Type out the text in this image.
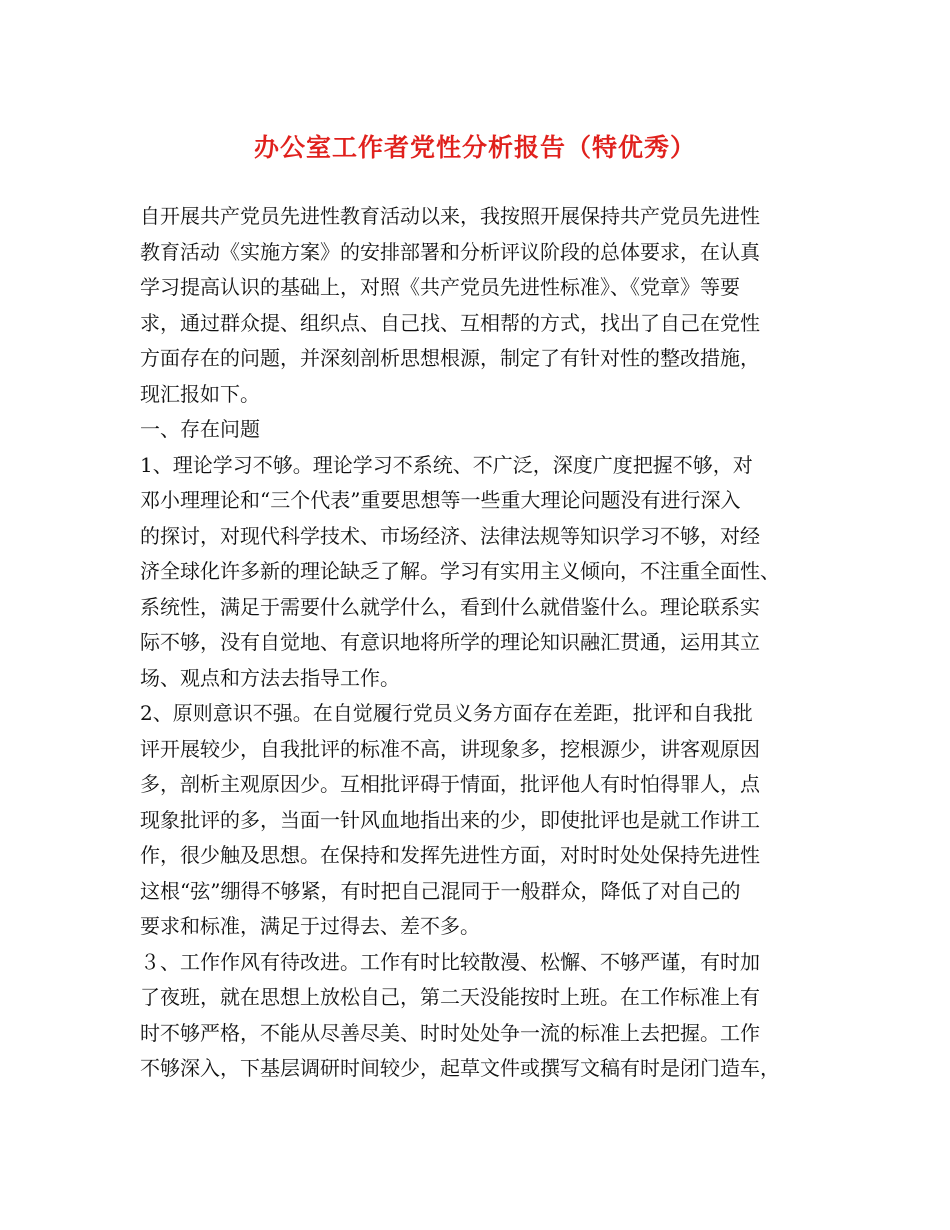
办公室工作者党性分析报告（特优秀）
自开展共产党员先进性教育活动以来，我按照开展保持共产党员先进性
教育活动《实施方案》的安排部署和分析评议阶段的总体要求，在认真
学习提高认识的基础上，对照《共产党员先进性标准》、《党章》等要
求，通过群众提、组织点、自己找、互相帮的方式，找出了自己在党性
方面存在的问题，并深刻剖析思想根源，制定了有针对性的整改措施，
现汇报如下。
一、存在问题
1、理论学习不够。理论学习不系统、不广泛，深度广度把握不够，对
邓小理理论和“三个代表”重要思想等一些重大理论问题没有进行深入
的探讨，对现代科学技术、市场经济、法律法规等知识学习不够，对经
济全球化许多新的理论缺乏了解。学习有实用主义倾向，不注重全面性、
系统性，满足于需要什么就学什么，看到什么就借鉴什么。理论联系实
际不够，没有自觉地、有意识地将所学的理论知识融汇贯通，运用其立
场、观点和方法去指导工作。
2、原则意识不强。在自觉履行党员义务方面存在差距，批评和自我批
评开展较少，自我批评的标准不高，讲现象多，挖根源少，讲客观原因
多，剖析主观原因少。互相批评碍于情面，批评他人有时怕得罪人，点
现象批评的多，当面一针风血地指出来的少，即使批评也是就工作讲工
作，很少触及思想。在保持和发挥先进性方面，对时时处处保持先进性
这根“弦”绷得不够紧，有时把自己混同于一般群众，降低了对自己的
要求和标准，满足于过得去、差不多。
３、工作作风有待改进。工作有时比较散漫、松懈、不够严谨，有时加
了夜班，就在思想上放松自己，第二天没能按时上班。在工作标准上有
时不够严格，不能从尽善尽美、时时处处争一流的标准上去把握。工作
不够深入，下基层调研时间较少，起草文件或撰写文稿有时是闭门造车，
